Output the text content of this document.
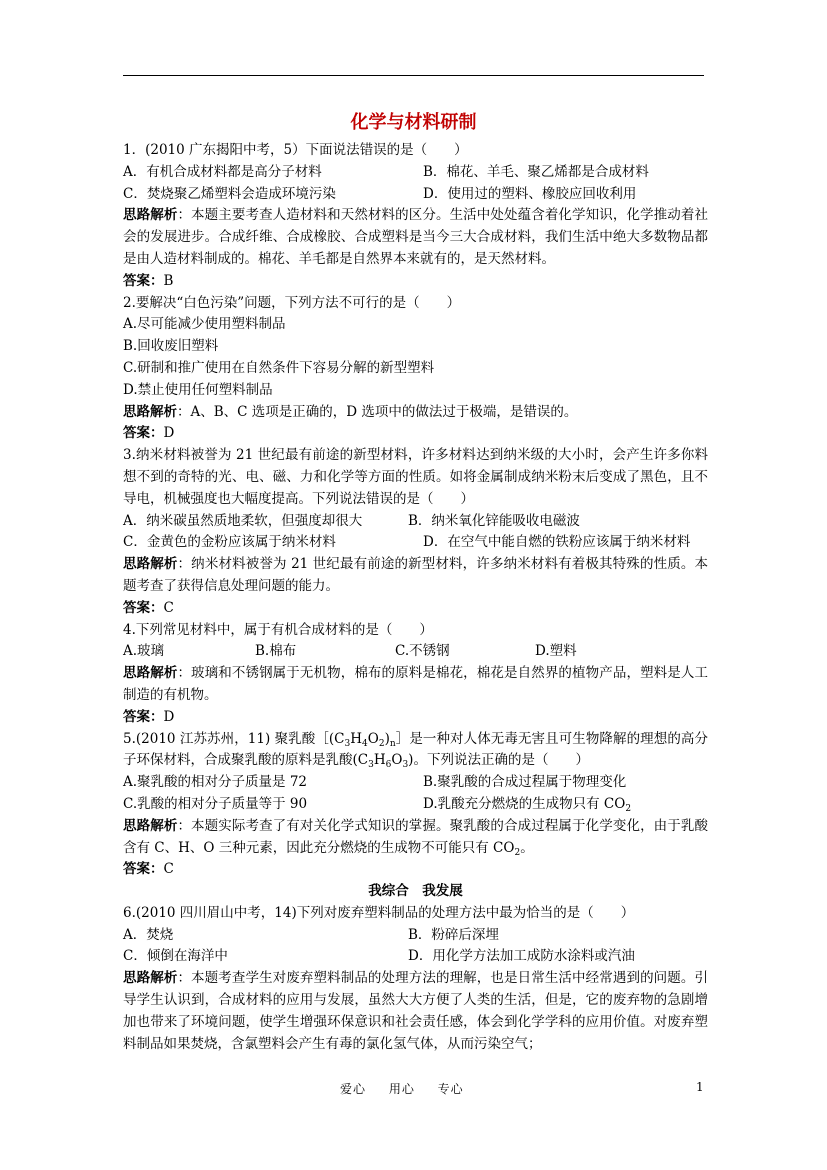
化学与材料研制
1．(2010 广东揭阳中考，5）下面说法错误的是（　　）
A．有机合成材料都是高分子材料	B．棉花、羊毛、聚乙烯都是合成材料
C．焚烧聚乙烯塑料会造成环境污染	D．使用过的塑料、橡胶应回收利用
思路解析：本题主要考查人造材料和天然材料的区分。生活中处处蕴含着化学知识，化学推动着社会的发展进步。合成纤维、合成橡胶、合成塑料是当今三大合成材料，我们生活中绝大多数物品都是由人造材料制成的。棉花、羊毛都是自然界本来就有的，是天然材料。
答案：B
2.要解决“白色污染”问题，下列方法不可行的是（　　）
A.尽可能减少使用塑料制品
B.回收废旧塑料
C.研制和推广使用在自然条件下容易分解的新型塑料
D.禁止使用任何塑料制品
思路解析：A、B、C 选项是正确的，D 选项中的做法过于极端，是错误的。
答案：D
3.纳米材料被誉为 21 世纪最有前途的新型材料，许多材料达到纳米级的大小时，会产生许多你料想不到的奇特的光、电、磁、力和化学等方面的性质。如将金属制成纳米粉末后变成了黑色，且不导电，机械强度也大幅度提高。下列说法错误的是（　　）
A．纳米碳虽然质地柔软，但强度却很大	B．纳米氧化锌能吸收电磁波
C．金黄色的金粉应该属于纳米材料	D．在空气中能自燃的铁粉应该属于纳米材料
思路解析：纳米材料被誉为 21 世纪最有前途的新型材料，许多纳米材料有着极其特殊的性质。本题考查了获得信息处理问题的能力。
答案：C
4.下列常见材料中，属于有机合成材料的是（　　）
A.玻璃	B.棉布	C.不锈钢	D.塑料
思路解析：玻璃和不锈钢属于无机物，棉布的原料是棉花，棉花是自然界的植物产品，塑料是人工制造的有机物。
答案：D
5.(2010 江苏苏州，11) 聚乳酸$[(C_3H_4O_2)_n]$是一种对人体无毒无害且可生物降解的理想的高分子环保材料，合成聚乳酸的原料是乳酸$(C_3H_6O_3)$。下列说法正确的是（　　）
A.聚乳酸的相对分子质量是 72	B.聚乳酸的合成过程属于物理变化
C.乳酸的相对分子质量等于 90	D.乳酸充分燃烧的生成物只有 $CO_2$
思路解析：本题实际考查了有对关化学式知识的掌握。聚乳酸的合成过程属于化学变化，由于乳酸含有 C、H、O 三种元素，因此充分燃烧的生成物不可能只有 $CO_2$。
答案：C
我综合　我发展
6.(2010 四川眉山中考，14)下列对废弃塑料制品的处理方法中最为恰当的是（　　）
A．焚烧	B．粉碎后深埋
C．倾倒在海洋中	D．用化学方法加工成防水涂料或汽油
思路解析：本题考查学生对废弃塑料制品的处理方法的理解，也是日常生活中经常遇到的问题。引导学生认识到，合成材料的应用与发展，虽然大大方便了人类的生活，但是，它的废弃物的急剧增加也带来了环境问题，使学生增强环保意识和社会责任感，体会到化学学科的应用价值。对废弃塑料制品如果焚烧，含氯塑料会产生有毒的氯化氢气体，从而污染空气；
爱心 用心 专心	1
